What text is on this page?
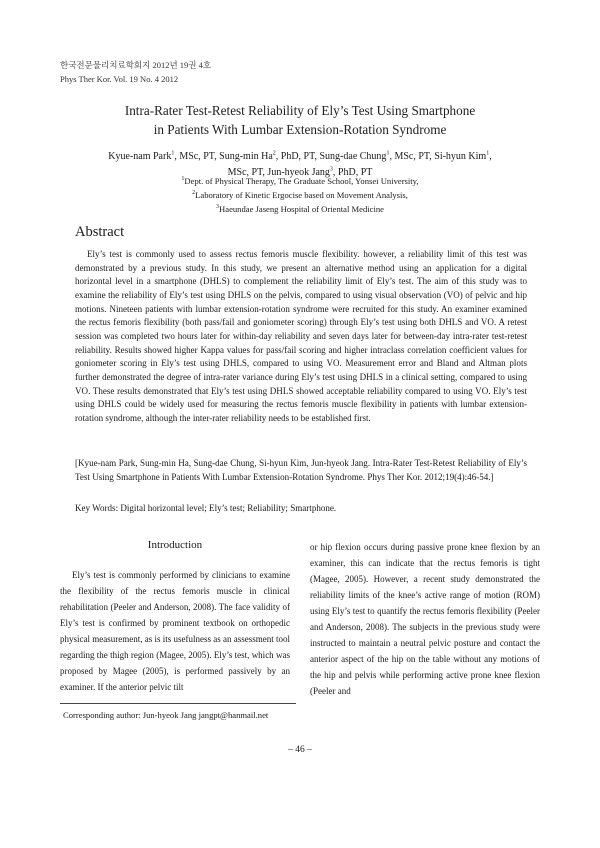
한국전문물리치료학회지 2012년 19권 4호
Phys Ther Kor. Vol. 19 No. 4 2012
Intra-Rater Test-Retest Reliability of Ely’s Test Using Smartphone
in Patients With Lumbar Extension-Rotation Syndrome
Kyue-nam Park$^1$, MSc, PT, Sung-min Ha$^2$, PhD, PT, Sung-dae Chung$^1$, MSc, PT, Si-hyun Kim$^1$,
MSc, PT, Jun-hyeok Jang$^3$, PhD, PT
$^1$Dept. of Physical Therapy, The Graduate School, Yonsei University,
$^2$Laboratory of Kinetic Ergocise based on Movement Analysis,
$^3$Haeundae Jaseng Hospital of Oriental Medicine
Abstract
Ely’s test is commonly used to assess rectus femoris muscle flexibility. however, a reliability limit of this test was demonstrated by a previous study. In this study, we present an alternative method using an application for a digital horizontal level in a smartphone (DHLS) to complement the reliability limit of Ely’s test. The aim of this study was to examine the reliability of Ely’s test using DHLS on the pelvis, compared to using visual observation (VO) of pelvic and hip motions. Nineteen patients with lumbar extension-rotation syndrome were recruited for this study. An examiner examined the rectus femoris flexibility (both pass/fail and goniometer scoring) through Ely’s test using both DHLS and VO. A retest session was completed two hours later for within-day reliability and seven days later for between-day intra-rater test-retest reliability. Results showed higher Kappa values for pass/fail scoring and higher intraclass correlation coefficient values for goniometer scoring in Ely’s test using DHLS, compared to using VO. Measurement error and Bland and Altman plots further demonstrated the degree of intra-rater variance during Ely’s test using DHLS in a clinical setting, compared to using VO. These results demonstrated that Ely’s test using DHLS showed acceptable reliability compared to using VO. Ely’s test using DHLS could be widely used for measuring the rectus femoris muscle flexibility in patients with lumbar extension-rotation syndrome, although the inter-rater reliability needs to be established first.
[Kyue-nam Park, Sung-min Ha, Sung-dae Chung, Si-hyun Kim, Jun-hyeok Jang. Intra-Rater Test-Retest Reliability of Ely’s Test Using Smartphone in Patients With Lumbar Extension-Rotation Syndrome. Phys Ther Kor. 2012;19(4):46-54.]
Key Words: Digital horizontal level; Ely’s test; Reliability; Smartphone.
Introduction
Ely’s test is commonly performed by clinicians to examine the flexibility of the rectus femoris muscle in clinical rehabilitation (Peeler and Anderson, 2008). The face validity of Ely’s test is confirmed by prominent textbook on orthopedic physical measurement, as is its usefulness as an assessment tool regarding the thigh region (Magee, 2005). Ely’s test, which was proposed by Magee (2005), is performed passively by an examiner. If the anterior pelvic tilt
or hip flexion occurs during passive prone knee flexion by an examiner, this can indicate that the rectus femoris is tight (Magee, 2005). However, a recent study demonstrated the reliability limits of the knee’s active range of motion (ROM) using Ely’s test to quantify the rectus femoris flexibility (Peeler and Anderson, 2008). The subjects in the previous study were instructed to maintain a neutral pelvic posture and contact the anterior aspect of the hip on the table without any motions of the hip and pelvis while performing active prone knee flexion (Peeler and
Corresponding author: Jun-hyeok Jang jangpt@hanmail.net
‒ 46 ‒
